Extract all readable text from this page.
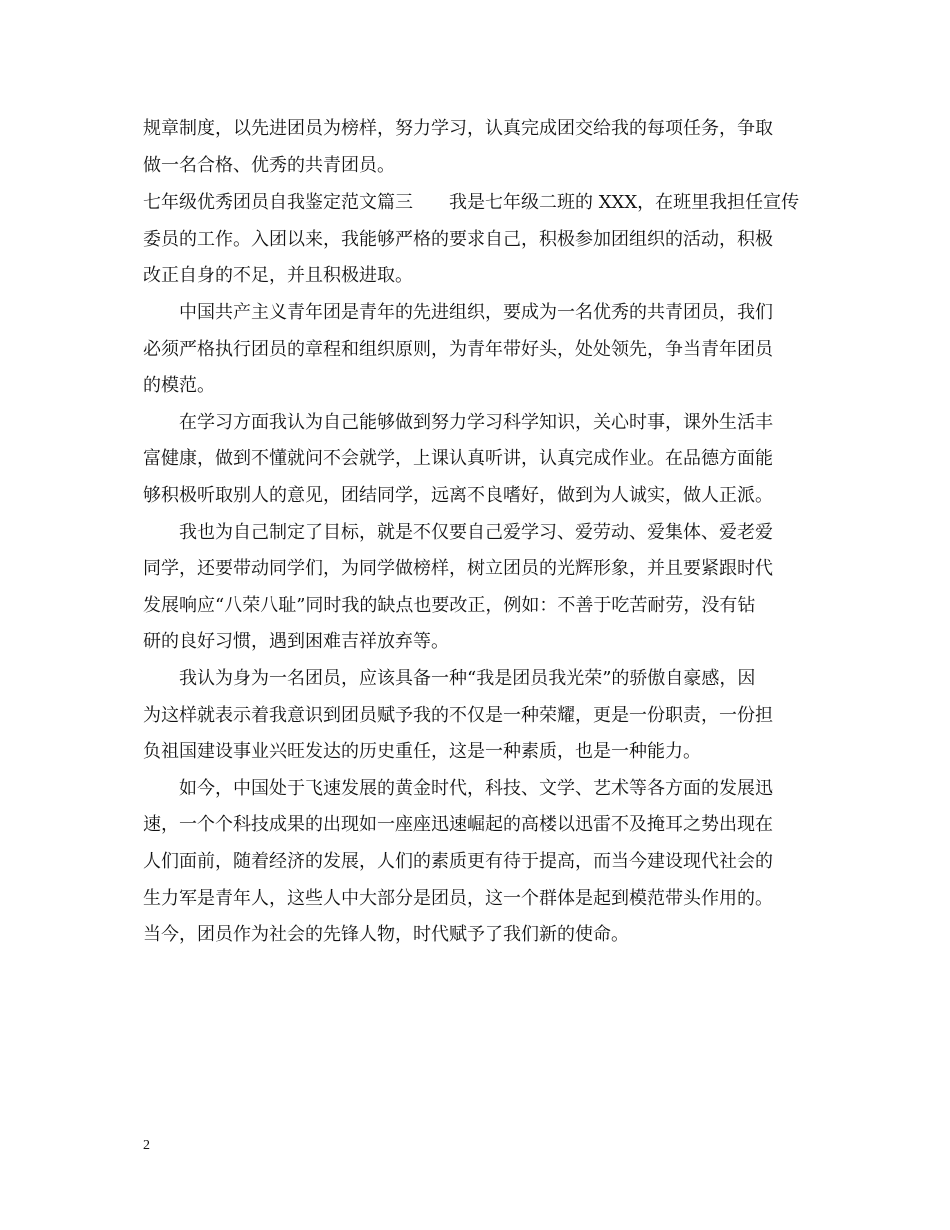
规章制度，以先进团员为榜样，努力学习，认真完成团交给我的每项任务，争取
做一名合格、优秀的共青团员。
七年级优秀团员自我鉴定范文篇三　　我是七年级二班的 XXX，在班里我担任宣传
委员的工作。入团以来，我能够严格的要求自己，积极参加团组织的活动，积极
改正自身的不足，并且积极进取。
　　中国共产主义青年团是青年的先进组织，要成为一名优秀的共青团员，我们
必须严格执行团员的章程和组织原则，为青年带好头，处处领先，争当青年团员
的模范。
　　在学习方面我认为自己能够做到努力学习科学知识，关心时事，课外生活丰
富健康，做到不懂就问不会就学，上课认真听讲，认真完成作业。在品德方面能
够积极听取别人的意见，团结同学，远离不良嗜好，做到为人诚实，做人正派。
　　我也为自己制定了目标，就是不仅要自己爱学习、爱劳动、爱集体、爱老爱
同学，还要带动同学们，为同学做榜样，树立团员的光辉形象，并且要紧跟时代
发展响应“八荣八耻”同时我的缺点也要改正，例如：不善于吃苦耐劳，没有钻
研的良好习惯，遇到困难吉祥放弃等。
　　我认为身为一名团员，应该具备一种“我是团员我光荣”的骄傲自豪感，因
为这样就表示着我意识到团员赋予我的不仅是一种荣耀，更是一份职责，一份担
负祖国建设事业兴旺发达的历史重任，这是一种素质，也是一种能力。
　　如今，中国处于飞速发展的黄金时代，科技、文学、艺术等各方面的发展迅
速，一个个科技成果的出现如一座座迅速崛起的高楼以迅雷不及掩耳之势出现在
人们面前，随着经济的发展，人们的素质更有待于提高，而当今建设现代社会的
生力军是青年人，这些人中大部分是团员，这一个群体是起到模范带头作用的。
当今，团员作为社会的先锋人物，时代赋予了我们新的使命。
2
